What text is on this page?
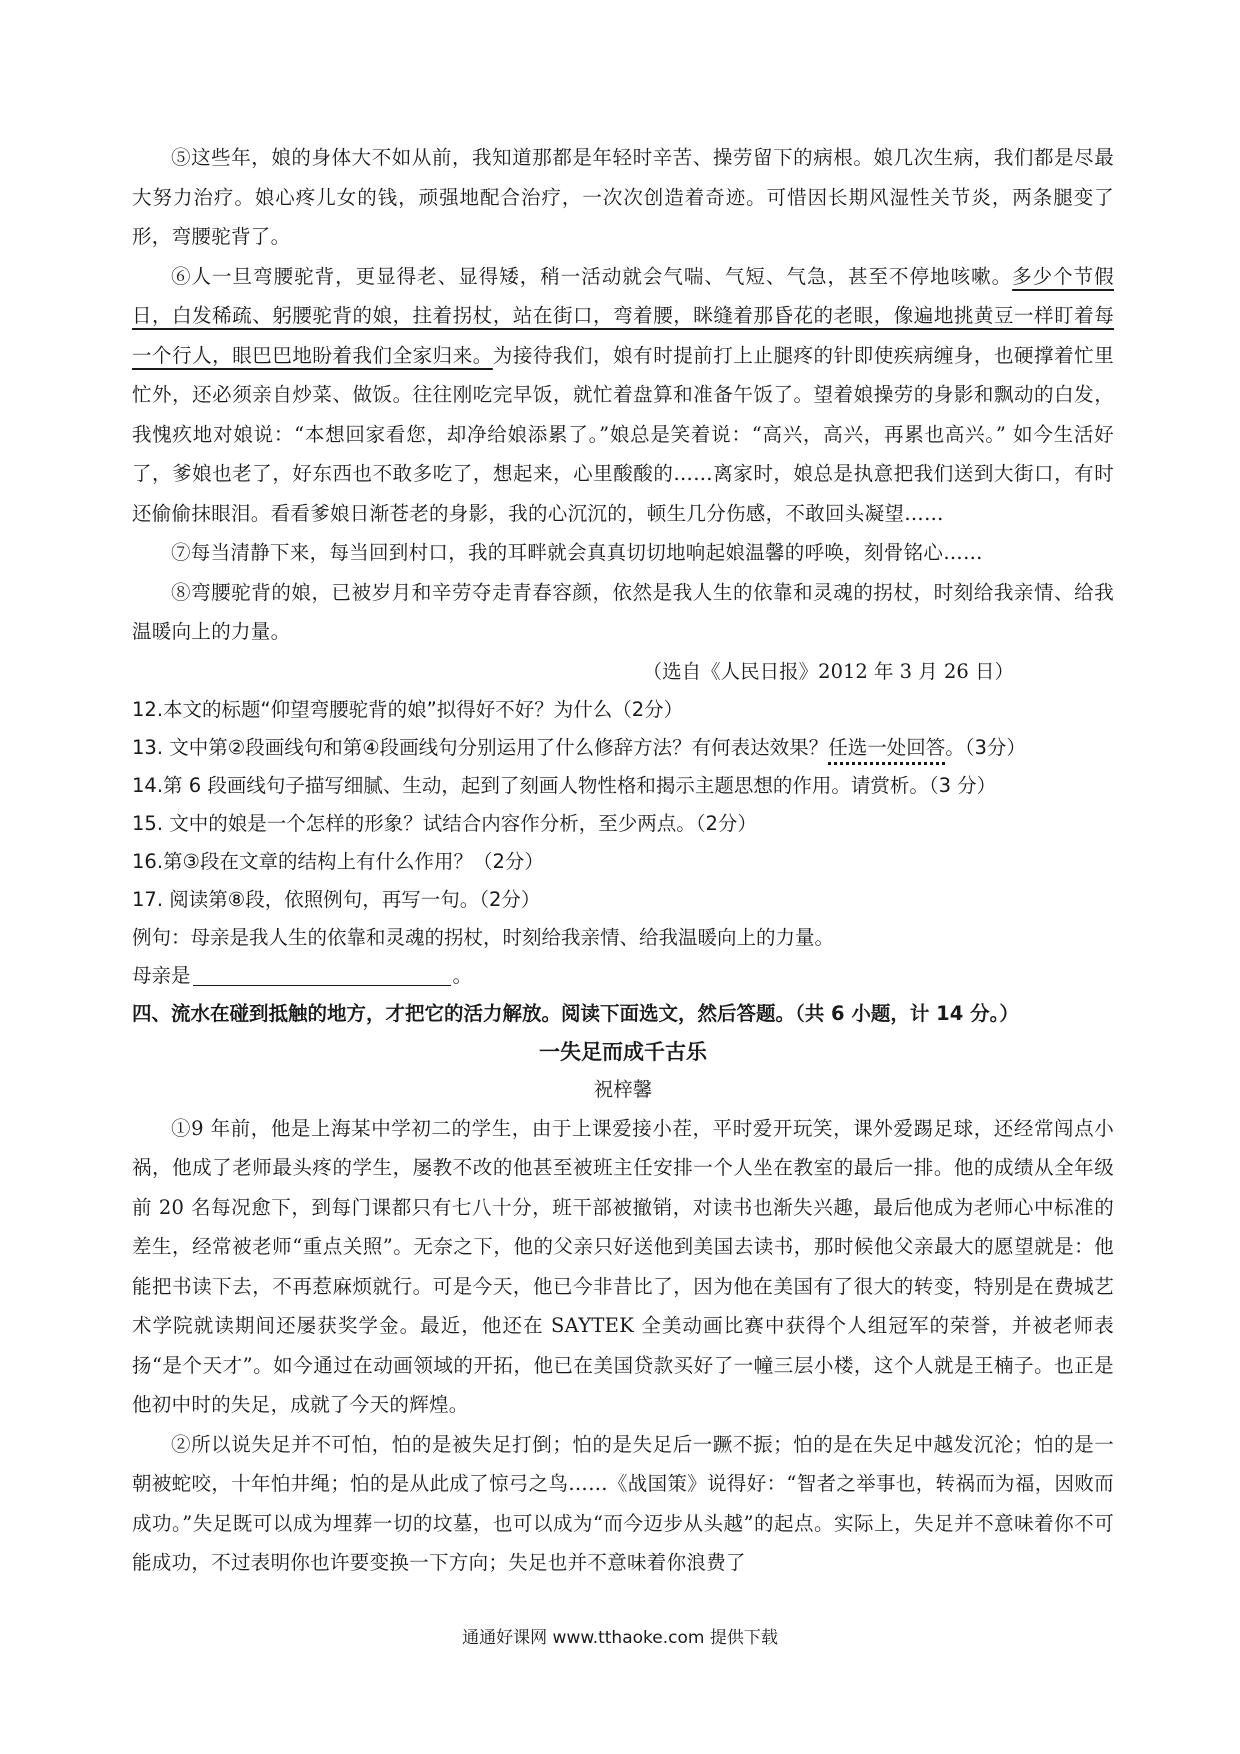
⑤这些年，娘的身体大不如从前，我知道那都是年轻时辛苦、操劳留下的病根。娘几次生病，我们都是尽最大努力治疗。娘心疼儿女的钱，顽强地配合治疗，一次次创造着奇迹。可惜因长期风湿性关节炎，两条腿变了形，弯腰驼背了。

⑥人一旦弯腰驼背，更显得老、显得矮，稍一活动就会气喘、气短、气急，甚至不停地咳嗽。多少个节假日，白发稀疏、躬腰驼背的娘，拄着拐杖，站在街口，弯着腰，眯缝着那昏花的老眼，像遍地挑黄豆一样盯着每一个行人，眼巴巴地盼着我们全家归来。为接待我们，娘有时提前打上止腿疼的针即使疾病缠身，也硬撑着忙里忙外，还必须亲自炒菜、做饭。往往刚吃完早饭，就忙着盘算和准备午饭了。望着娘操劳的身影和飘动的白发，我愧疚地对娘说：“本想回家看您，却净给娘添累了。”娘总是笑着说：“高兴，高兴，再累也高兴。” 如今生活好了，爹娘也老了，好东西也不敢多吃了，想起来，心里酸酸的……离家时，娘总是执意把我们送到大街口，有时还偷偷抹眼泪。看看爹娘日渐苍老的身影，我的心沉沉的，顿生几分伤感，不敢回头凝望……

⑦每当清静下来，每当回到村口，我的耳畔就会真真切切地响起娘温馨的呼唤，刻骨铭心……

⑧弯腰驼背的娘，已被岁月和辛劳夺走青春容颜，依然是我人生的依靠和灵魂的拐杖，时刻给我亲情、给我温暖向上的力量。

（选自《人民日报》2012 年 3 月 26 日）

12.本文的标题“仰望弯腰驼背的娘”拟得好不好？为什么（2分）

13. 文中第②段画线句和第④段画线句分别运用了什么修辞方法？有何表达效果？任选一处回答。（3分）

14.第 6 段画线句子描写细腻、生动，起到了刻画人物性格和揭示主题思想的作用。请赏析。（3 分）

15. 文中的娘是一个怎样的形象？试结合内容作分析，至少两点。（2分）

16.第③段在文章的结构上有什么作用？（2分）

17. 阅读第⑧段，依照例句，再写一句。（2分）

例句：母亲是我人生的依靠和灵魂的拐杖，时刻给我亲情、给我温暖向上的力量。

母亲是	。

四、流水在碰到抵触的地方，才把它的活力解放。阅读下面选文，然后答题。（共 6 小题，计 14 分。）

一失足而成千古乐

祝梓馨

①9 年前，他是上海某中学初二的学生，由于上课爱接小茬，平时爱开玩笑，课外爱踢足球，还经常闯点小祸，他成了老师最头疼的学生，屡教不改的他甚至被班主任安排一个人坐在教室的最后一排。他的成绩从全年级前 20 名每况愈下，到每门课都只有七八十分，班干部被撤销，对读书也渐失兴趣，最后他成为老师心中标准的差生，经常被老师“重点关照”。无奈之下，他的父亲只好送他到美国去读书，那时候他父亲最大的愿望就是：他能把书读下去，不再惹麻烦就行。可是今天，他已今非昔比了，因为他在美国有了很大的转变，特别是在费城艺术学院就读期间还屡获奖学金。最近，他还在 SAYTEK 全美动画比赛中获得个人组冠军的荣誉，并被老师表扬“是个天才”。如今通过在动画领域的开拓，他已在美国贷款买好了一幢三层小楼，这个人就是王楠子。也正是他初中时的失足，成就了今天的辉煌。

②所以说失足并不可怕，怕的是被失足打倒；怕的是失足后一蹶不振；怕的是在失足中越发沉沦；怕的是一朝被蛇咬，十年怕井绳；怕的是从此成了惊弓之鸟……《战国策》说得好：“智者之举事也，转祸而为福，因败而成功。”失足既可以成为埋葬一切的坟墓，也可以成为“而今迈步从头越”的起点。实际上，失足并不意味着你不可能成功，不过表明你也许要变换一下方向；失足也并不意味着你浪费了

通通好课网 www.tthaoke.com 提供下载
